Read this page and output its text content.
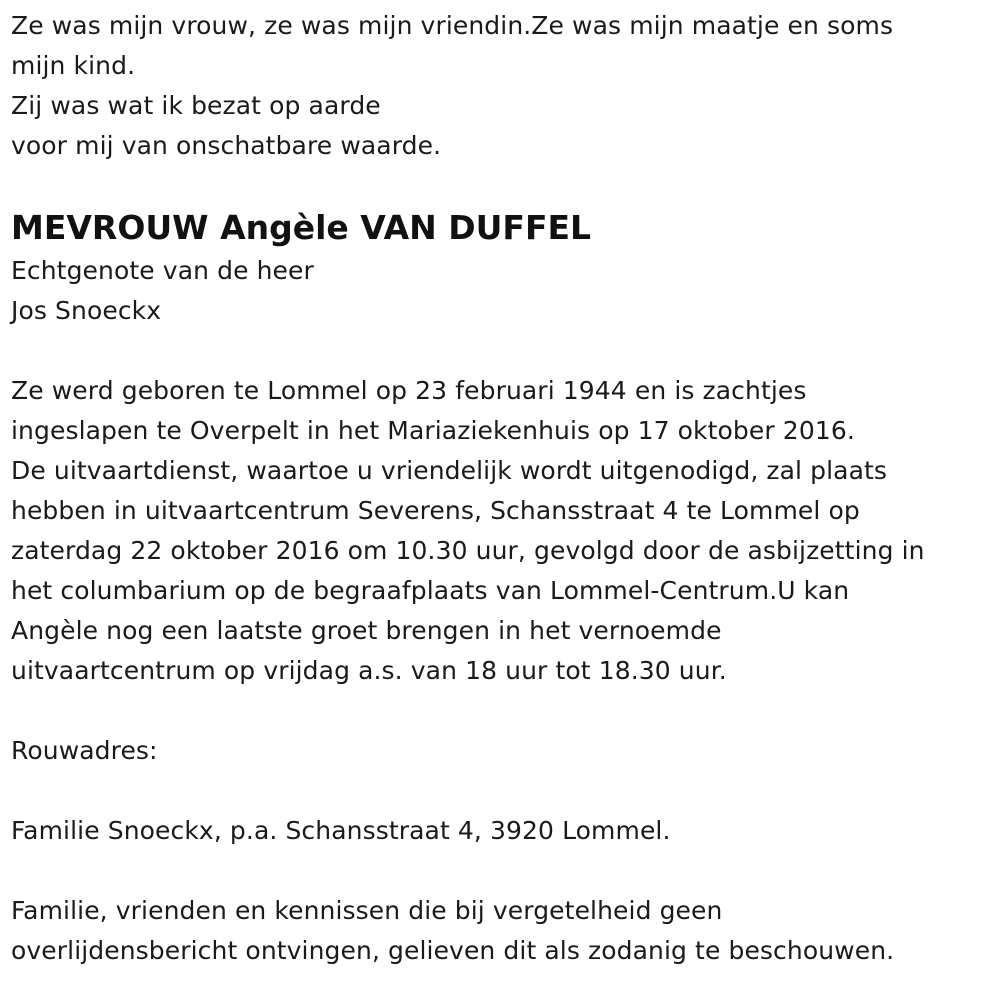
Ze was mijn vrouw, ze was mijn vriendin.Ze was mijn maatje en soms
mijn kind.
Zij was wat ik bezat op aarde
voor mij van onschatbare waarde.
MEVROUW Angèle VAN DUFFEL
Echtgenote van de heer
Jos Snoeckx
Ze werd geboren te Lommel op 23 februari 1944 en is zachtjes
ingeslapen te Overpelt in het Mariaziekenhuis op 17 oktober 2016.
De uitvaartdienst, waartoe u vriendelijk wordt uitgenodigd, zal plaats
hebben in uitvaartcentrum Severens, Schansstraat 4 te Lommel op
zaterdag 22 oktober 2016 om 10.30 uur, gevolgd door de asbijzetting in
het columbarium op de begraafplaats van Lommel-Centrum.U kan
Angèle nog een laatste groet brengen in het vernoemde
uitvaartcentrum op vrijdag a.s. van 18 uur tot 18.30 uur.
Rouwadres:
Familie Snoeckx, p.a. Schansstraat 4, 3920 Lommel.
Familie, vrienden en kennissen die bij vergetelheid geen
overlijdensbericht ontvingen, gelieven dit als zodanig te beschouwen.
